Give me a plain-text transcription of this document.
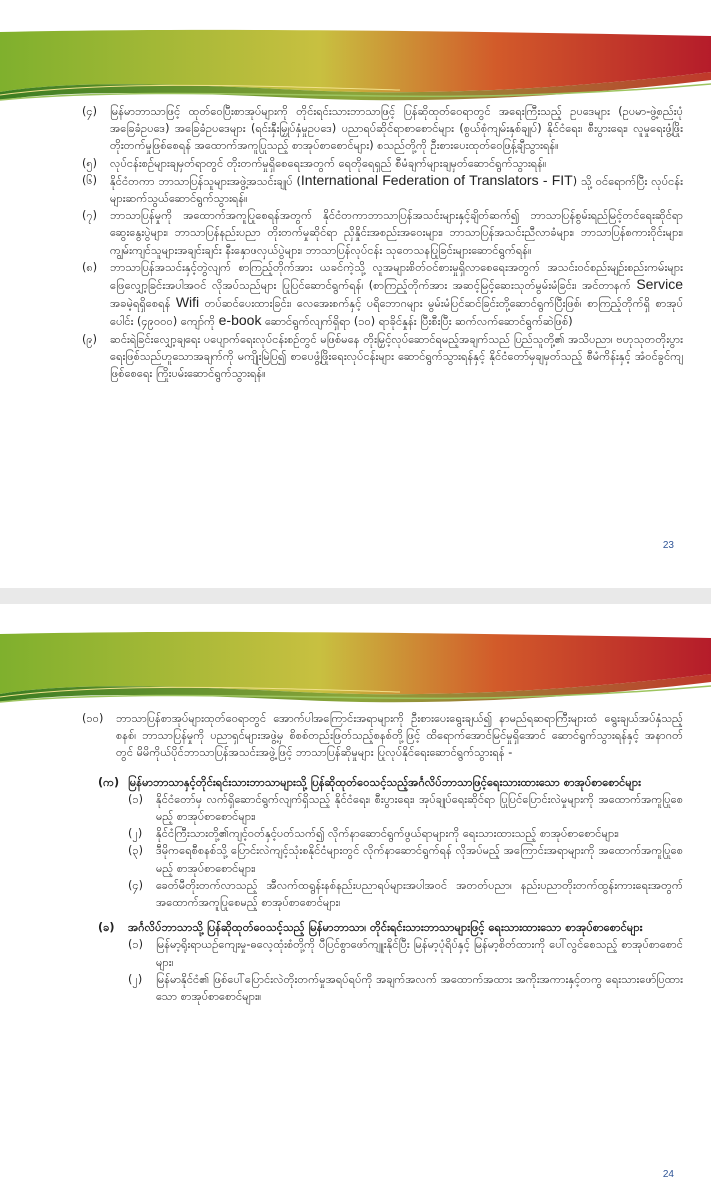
(၄)	မြန်မာဘာသာဖြင့် ထုတ်ဝေပြီးစာအုပ်များကို တိုင်းရင်းသားဘာသာဖြင့် ပြန်ဆိုထုတ်ဝေရာတွင် အရေးကြီးသည့် ဥပဒေများ (ဥပမာ-ဖွဲ့စည်းပုံအခြေခံဥပဒေ) အခြေခံဥပဒေများ (ရင်းနှီးမြှုပ်နှံမှုဥပဒေ) ပညာရပ်ဆိုင်ရာစာစောင်များ (စွယ်စုံကျမ်းနှစ်ချုပ်) နိုင်ငံရေး၊ စီးပွားရေး၊ လူမှုရေးဖွံ့ဖြိုးတိုးတက်မှုဖြစ်စေရန် အထောက်အကူပြုသည့် စာအုပ်စာစောင်များ) စသည်တို့ကို ဦးစားပေးထုတ်ဝေဖြန့်ချီသွားရန်။
(၅)	လုပ်ငန်းစဉ်များချမှတ်ရာတွင် တိုးတက်မှုရှိစေရေးအတွက် ရေတိုရေရှည် စီမံချက်များချမှတ်ဆောင်ရွက်သွားရန်။
(၆)	နိုင်ငံတကာ ဘာသာပြန်သူများအဖွဲ့အသင်းချုပ် (International Federation of Translators - FIT) သို့ ဝင်ရောက်ပြီး လုပ်ငန်းများဆက်သွယ်ဆောင်ရွက်သွားရန်။
(၇)	ဘာသာပြန်မှုကို အထောက်အကူပြုစေရန်အတွက် နိုင်ငံတကာဘာသာပြန်အသင်းများနှင့်ချိတ်ဆက်၍ ဘာသာပြန်စွမ်းရည်မြင့်တင်ရေးဆိုင်ရာဆွေးနွေးပွဲများ၊ ဘာသာပြန်နည်းပညာ တိုးတက်မှုဆိုင်ရာ ညှိနှိုင်းအစည်းအဝေးများ၊ ဘာသာပြန်အသင်းညီလာခံများ၊ ဘာသာပြန်စကားဝိုင်းများ၊ ကျွမ်းကျင်သူများအချင်းချင်း နီးနှောဖလှယ်ပွဲများ၊ ဘာသာပြန်လုပ်ငန်း သုတေသနပြုခြင်းများဆောင်ရွက်ရန်။
(၈)	ဘာသာပြန်အသင်းနှင့်တွဲလျက် စာကြည့်တိုက်အား ယခင်ကဲ့သို့ လူအများစိတ်ဝင်စားမှုရှိလာစေရေးအတွက် အသင်းဝင်စည်းမျဉ်းစည်းကမ်းများ ဖြေလျှော့ခြင်းအပါအဝင် လိုအပ်သည်များ ပြုပြင်ဆောင်ရွက်ရန်၊ (စာကြည့်တိုက်အား အဆင့်မြင့်ဆေးသုတ်မွမ်းမံခြင်း၊ အင်တာနက် Service အခမဲ့ရရှိစေရန် Wifi တပ်ဆင်ပေးထားခြင်း၊ လေအေးစက်နှင့် ပရိဘောဂများ မွမ်းမံပြင်ဆင်ခြင်းတို့ဆောင်ရွက်ပြီးဖြစ်၊ စာကြည့်တိုက်ရှိ စာအုပ်ပေါင်း (၄၉၀၀၀) ကျော်ကို e-book ဆောင်ရွက်လျက်ရှိရာ (၁၀) ရာခိုင်နှုန်း ပြီးစီးပြီး ဆက်လက်ဆောင်ရွက်ဆဲဖြစ်)
(၉)	ဆင်းရဲခြင်းလျှော့ချရေး ပပျောက်ရေးလုပ်ငန်းစဉ်တွင် မဖြစ်မနေ တိုးမြှင့်လုပ်ဆောင်ရမည့်အချက်သည် ပြည်သူတို့၏ အသိပညာ၊ ဗဟုသုတတိုးပွားရေးဖြစ်သည်ဟူသောအချက်ကို မကျိုးမြဲပြ၍ စာပေဖွံ့ဖြိုးရေးလုပ်ငန်းများ ဆောင်ရွက်သွားရန်နှင့် နိုင်ငံတော်မှချမှတ်သည့် စီမံကိန်းနှင့် အံဝင်ခွင်ကျဖြစ်စေရေး ကြိုးပမ်းဆောင်ရွက်သွားရန်။
23
(၁၀)	ဘာသာပြန်စာအုပ်များထုတ်ဝေရာတွင် အောက်ပါအကြောင်းအရာများကို ဦးစားပေးရွေးချယ်၍ နာမည်ရဆရာကြီးများထံ ရွေးချယ်အပ်နှံသည့်စနစ်၊ ဘာသာပြန်မှုကို ပညာရှင်များအဖွဲ့မှ စိစစ်တည်းဖြတ်သည့်စနစ်တို့ဖြင့် ထိရောက်အောင်မြင်မှုရှိအောင် ဆောင်ရွက်သွားရန်နှင့် အနာဂတ်တွင် မိမိကိုယ်ပိုင်ဘာသာပြန်အသင်းအဖွဲ့ဖြင့် ဘာသာပြန်ဆိုမှုများ ပြုလုပ်နိုင်ရေးဆောင်ရွက်သွားရန် -
(က) မြန်မာဘာသာနှင့်တိုင်းရင်းသားဘာသာများသို့ ပြန်ဆိုထုတ်ဝေသင့်သည့်အင်္ဂလိပ်ဘာသာဖြင့်ရေးသားထားသော စာအုပ်စာစောင်များ
(၁)	နိုင်ငံတော်မှ လက်ရှိဆောင်ရွက်လျက်ရှိသည့် နိုင်ငံရေး၊ စီးပွားရေး၊ အုပ်ချုပ်ရေးဆိုင်ရာ ပြုပြင်ပြောင်းလဲမှုများကို အထောက်အကူပြုစေမည့် စာအုပ်စာစောင်များ၊
(၂)	နိုင်ငံကြီးသားတို့၏ကျင့်ဝတ်နှင့်ပတ်သက်၍ လိုက်နာဆောင်ရွက်ဖွယ်ရာများကို ရေးသားထားသည့် စာအုပ်စာစောင်များ၊
(၃)	ဒီမိုကရေစီစနစ်သို့ ပြောင်းလဲကျင့်သုံးစနိုင်ငံများတွင် လိုက်နာဆောင်ရွက်ရန် လိုအပ်မည့် အကြောင်းအရာများကို အထောက်အကူပြုစေမည့် စာအုပ်စာစောင်များ၊
(၄)	ခေတ်မီတိုးတက်လာသည့် အီလက်ထရွန်းနစ်နည်းပညာရပ်များအပါအဝင် အတတ်ပညာ၊ နည်းပညာတိုးတက်ထွန်းကားရေးအတွက် အထောက်အကူပြုစေမည့် စာအုပ်စာစောင်များ၊
(ခ)	အင်္ဂလိပ်ဘာသာသို့ ပြန်ဆိုထုတ်ဝေသင့်သည့် မြန်မာဘာသာ၊ တိုင်းရင်းသားဘာသာများဖြင့် ရေးသားထားသော စာအုပ်စာစောင်များ
(၁)	မြန်မာ့ရိုးရာယဉ်ကျေးမှု-ဓလေ့ထုံးစံတို့ကို ပီပြင်စွာဖော်ကျူးနိုင်ပြီး မြန်မာ့ပုံရိပ်နှင့် မြန်မာ့စိတ်ထားကို ပေါ်လွင်စေသည့် စာအုပ်စာစောင်များ၊
(၂)	မြန်မာနိုင်ငံ၏ ဖြစ်ပေါ်ပြောင်းလဲတိုးတက်မှုအရပ်ရပ်ကို အချက်အလက် အထောက်အထား အကိုးအကားနှင့်တကွ ရေးသားဖော်ပြထားသော စာအုပ်စာစောင်များ။
24
